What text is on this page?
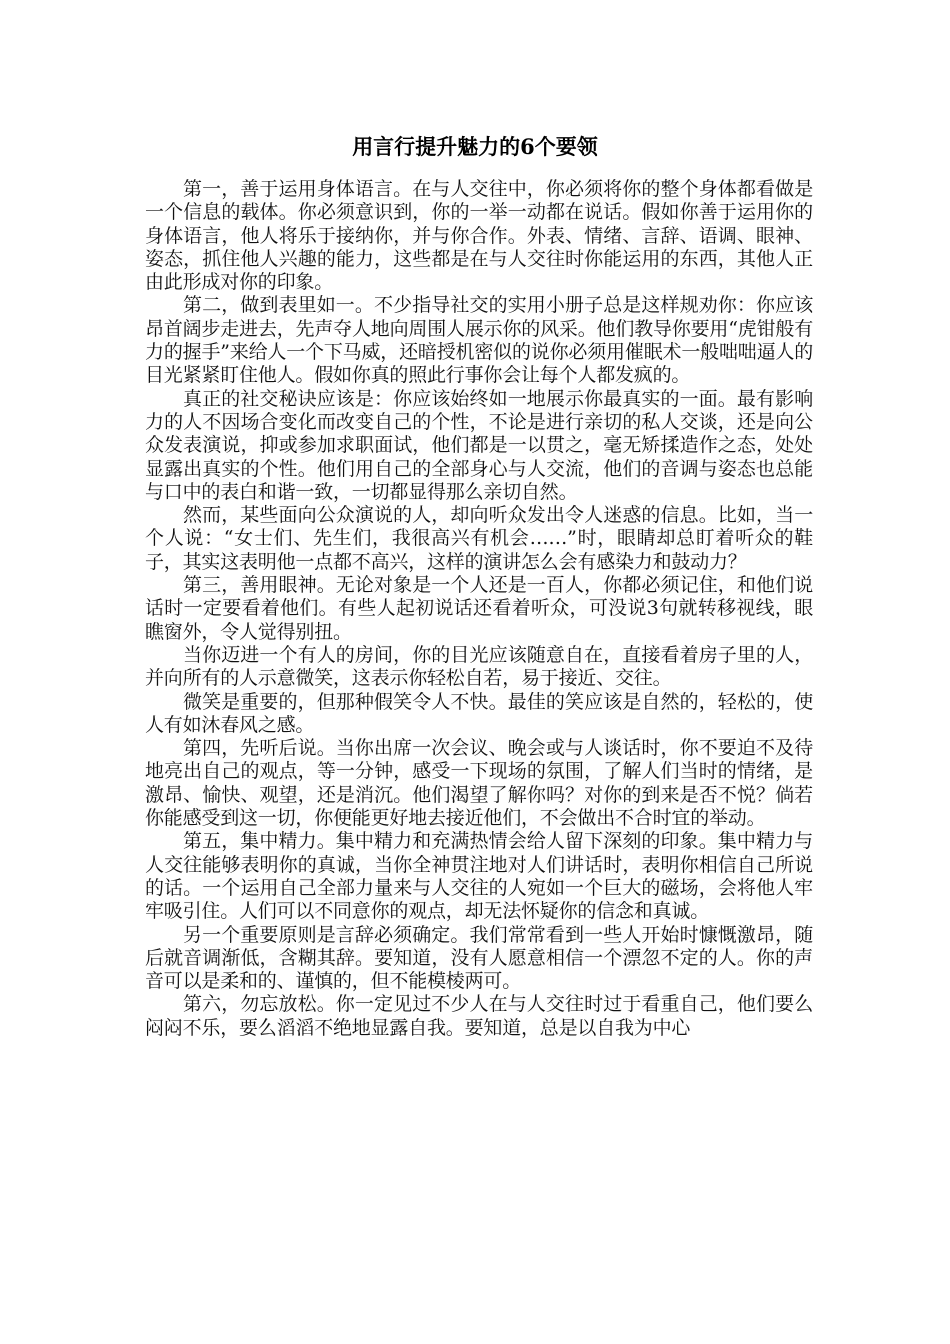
用言行提升魅力的6个要领

第一，善于运用身体语言。在与人交往中，你必须将你的整个身体都看做是一个信息的载体。你必须意识到，你的一举一动都在说话。假如你善于运用你的身体语言，他人将乐于接纳你，并与你合作。外表、情绪、言辞、语调、眼神、姿态，抓住他人兴趣的能力，这些都是在与人交往时你能运用的东西，其他人正由此形成对你的印象。

第二，做到表里如一。不少指导社交的实用小册子总是这样规劝你：你应该昂首阔步走进去，先声夺人地向周围人展示你的风采。他们教导你要用“虎钳般有力的握手”来给人一个下马威，还暗授机密似的说你必须用催眠术一般咄咄逼人的目光紧紧盯住他人。假如你真的照此行事你会让每个人都发疯的。

真正的社交秘诀应该是：你应该始终如一地展示你最真实的一面。最有影响力的人不因场合变化而改变自己的个性，不论是进行亲切的私人交谈，还是向公众发表演说，抑或参加求职面试，他们都是一以贯之，毫无矫揉造作之态，处处显露出真实的个性。他们用自己的全部身心与人交流，他们的音调与姿态也总能与口中的表白和谐一致，一切都显得那么亲切自然。

然而，某些面向公众演说的人，却向听众发出令人迷惑的信息。比如，当一个人说：“女士们、先生们，我很高兴有机会……”时，眼睛却总盯着听众的鞋子，其实这表明他一点都不高兴，这样的演讲怎么会有感染力和鼓动力？

第三，善用眼神。无论对象是一个人还是一百人，你都必须记住，和他们说话时一定要看着他们。有些人起初说话还看着听众，可没说3句就转移视线，眼瞧窗外，令人觉得别扭。

当你迈进一个有人的房间，你的目光应该随意自在，直接看着房子里的人，并向所有的人示意微笑，这表示你轻松自若，易于接近、交往。

微笑是重要的，但那种假笑令人不快。最佳的笑应该是自然的，轻松的，使人有如沐春风之感。

第四，先听后说。当你出席一次会议、晚会或与人谈话时，你不要迫不及待地亮出自己的观点，等一分钟，感受一下现场的氛围，了解人们当时的情绪，是激昂、愉快、观望，还是消沉。他们渴望了解你吗？对你的到来是否不悦？倘若你能感受到这一切，你便能更好地去接近他们，不会做出不合时宜的举动。

第五，集中精力。集中精力和充满热情会给人留下深刻的印象。集中精力与人交往能够表明你的真诚，当你全神贯注地对人们讲话时，表明你相信自己所说的话。一个运用自己全部力量来与人交往的人宛如一个巨大的磁场，会将他人牢牢吸引住。人们可以不同意你的观点，却无法怀疑你的信念和真诚。

另一个重要原则是言辞必须确定。我们常常看到一些人开始时慷慨激昂，随后就音调渐低，含糊其辞。要知道，没有人愿意相信一个漂忽不定的人。你的声音可以是柔和的、谨慎的，但不能模棱两可。

第六，勿忘放松。你一定见过不少人在与人交往时过于看重自己，他们要么闷闷不乐，要么滔滔不绝地显露自我。要知道，总是以自我为中心
